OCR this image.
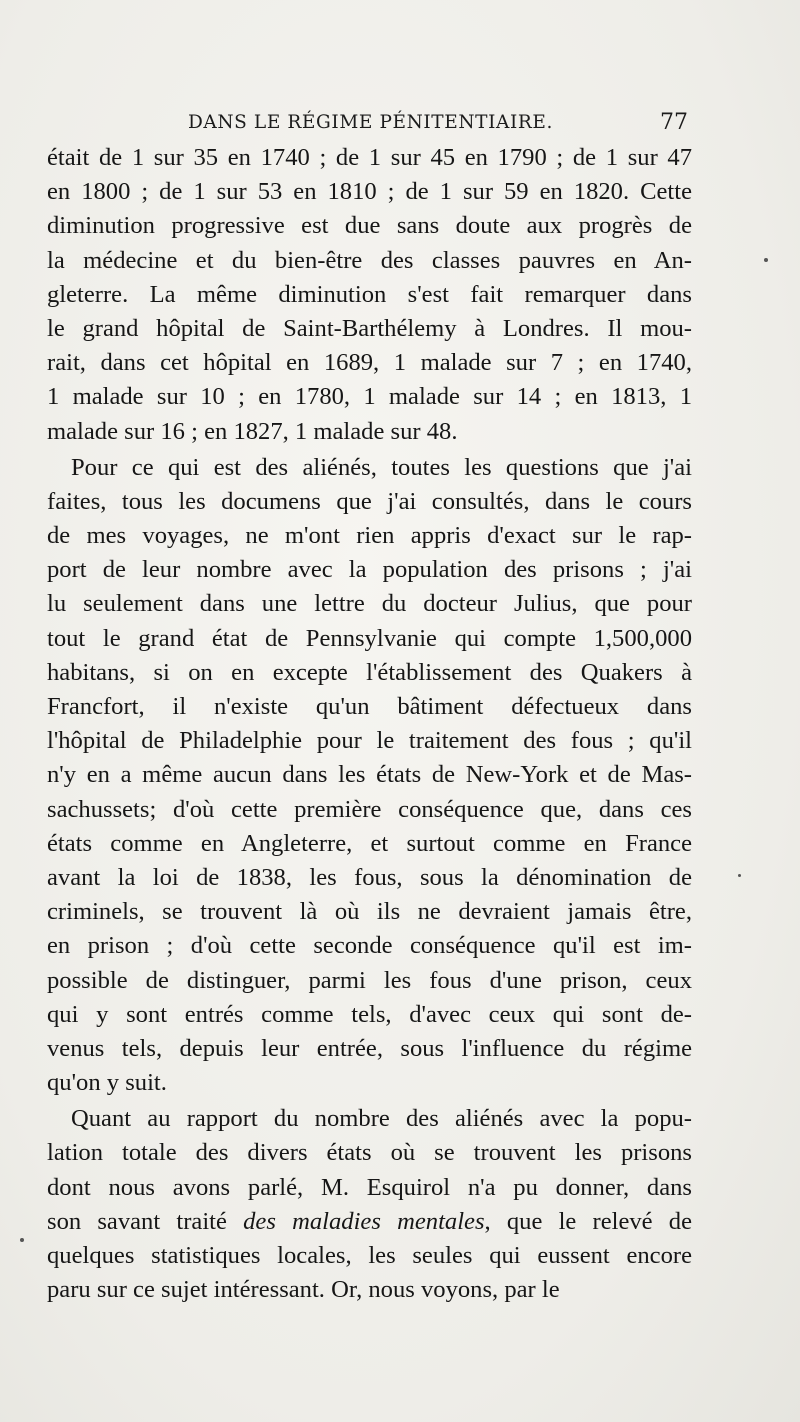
DANS LE RÉGIME PÉNITENTIAIRE.	77

était de 1 sur 35 en 1740 ; de 1 sur 45 en 1790 ; de 1 sur 47
en 1800 ; de 1 sur 53 en 1810 ; de 1 sur 59 en 1820. Cette
diminution progressive est due sans doute aux progrès de
la médecine et du bien-être des classes pauvres en An-
gleterre. La même diminution s'est fait remarquer dans
le grand hôpital de Saint-Barthélemy à Londres. Il mou-
rait, dans cet hôpital en 1689, 1 malade sur 7 ; en 1740,
1 malade sur 10 ; en 1780, 1 malade sur 14 ; en 1813, 1
malade sur 16 ; en 1827, 1 malade sur 48.

Pour ce qui est des aliénés, toutes les questions que j'ai
faites, tous les documens que j'ai consultés, dans le cours
de mes voyages, ne m'ont rien appris d'exact sur le rap-
port de leur nombre avec la population des prisons ; j'ai
lu seulement dans une lettre du docteur Julius, que pour
tout le grand état de Pennsylvanie qui compte 1,500,000
habitans, si on en excepte l'établissement des Quakers à
Francfort, il n'existe qu'un bâtiment défectueux dans
l'hôpital de Philadelphie pour le traitement des fous ; qu'il
n'y en a même aucun dans les états de New-York et de Mas-
sachussets; d'où cette première conséquence que, dans ces
états comme en Angleterre, et surtout comme en France
avant la loi de 1838, les fous, sous la dénomination de
criminels, se trouvent là où ils ne devraient jamais être,
en prison ; d'où cette seconde conséquence qu'il est im-
possible de distinguer, parmi les fous d'une prison, ceux
qui y sont entrés comme tels, d'avec ceux qui sont de-
venus tels, depuis leur entrée, sous l'influence du régime
qu'on y suit.

Quant au rapport du nombre des aliénés avec la popu-
lation totale des divers états où se trouvent les prisons
dont nous avons parlé, M. Esquirol n'a pu donner, dans
son savant traité des maladies mentales, que le relevé de
quelques statistiques locales, les seules qui eussent encore
paru sur ce sujet intéressant. Or, nous voyons, par le
